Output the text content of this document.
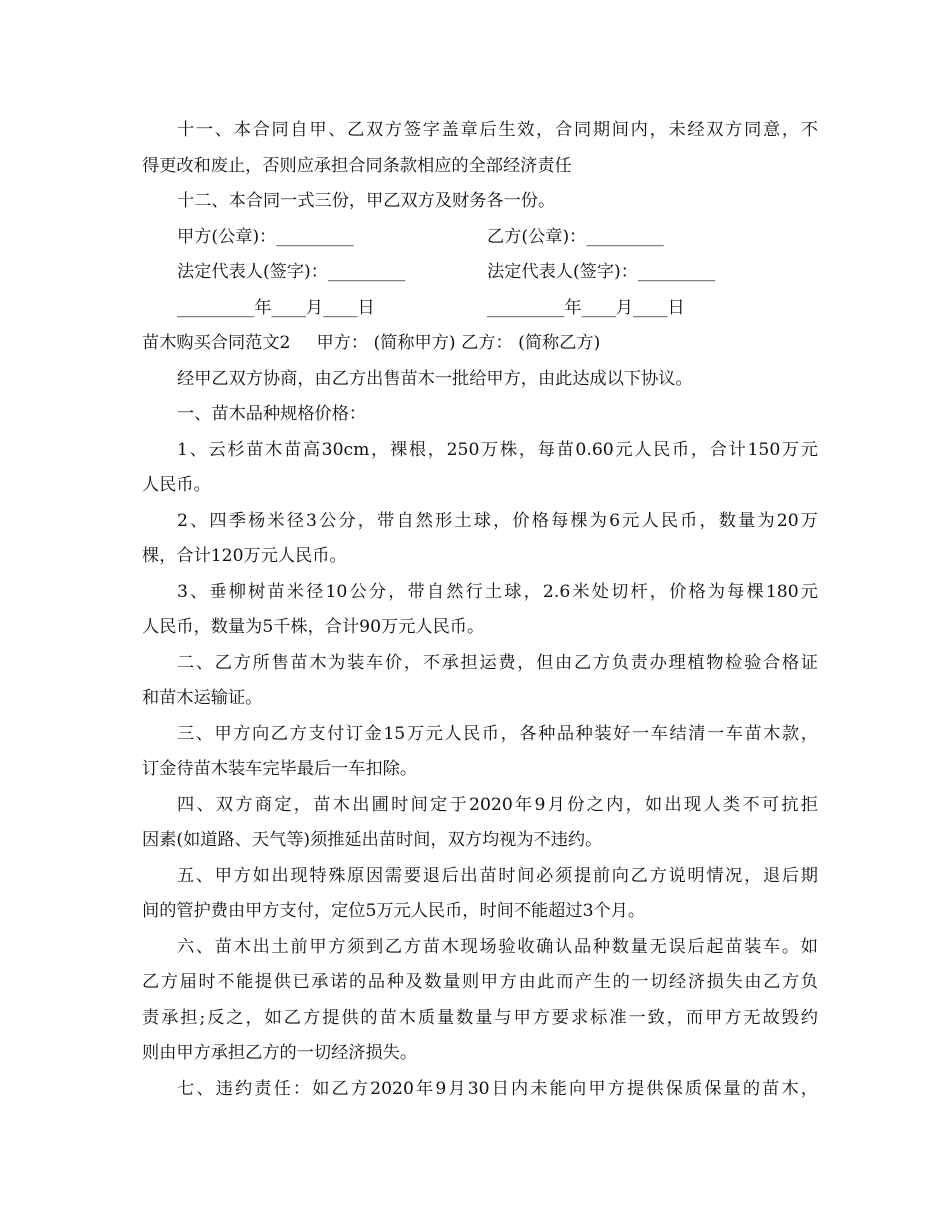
十一、本合同自甲、乙双方签字盖章后生效，合同期间内，未经双方同意，不
得更改和废止，否则应承担合同条款相应的全部经济责任
十二、本合同一式三份，甲乙双方及财务各一份。
甲方(公章)：_________	乙方(公章)：_________
法定代表人(签字)：_________	法定代表人(签字)：_________
_________年____月____日	_________年____月____日
苗木购买合同范文2 甲方： (简称甲方) 乙方： (简称乙方)
经甲乙双方协商，由乙方出售苗木一批给甲方，由此达成以下协议。
一、苗木品种规格价格：
1、云杉苗木苗高30cm，裸根，250万株，每苗0.60元人民币，合计150万元
人民币。
2、四季杨米径3公分，带自然形土球，价格每棵为6元人民币，数量为20万
棵，合计120万元人民币。
3、垂柳树苗米径10公分，带自然行土球，2.6米处切杆，价格为每棵180元
人民币，数量为5千株，合计90万元人民币。
二、乙方所售苗木为装车价，不承担运费，但由乙方负责办理植物检验合格证
和苗木运输证。
三、甲方向乙方支付订金15万元人民币，各种品种装好一车结清一车苗木款，
订金待苗木装车完毕最后一车扣除。
四、双方商定，苗木出圃时间定于2020年9月份之内，如出现人类不可抗拒
因素(如道路、天气等)须推延出苗时间，双方均视为不违约。
五、甲方如出现特殊原因需要退后出苗时间必须提前向乙方说明情况，退后期
间的管护费由甲方支付，定位5万元人民币，时间不能超过3个月。
六、苗木出土前甲方须到乙方苗木现场验收确认品种数量无误后起苗装车。如
乙方届时不能提供已承诺的品种及数量则甲方由此而产生的一切经济损失由乙方负
责承担;反之，如乙方提供的苗木质量数量与甲方要求标准一致，而甲方无故毁约
则由甲方承担乙方的一切经济损失。
七、违约责任：如乙方2020年9月30日内未能向甲方提供保质保量的苗木，
